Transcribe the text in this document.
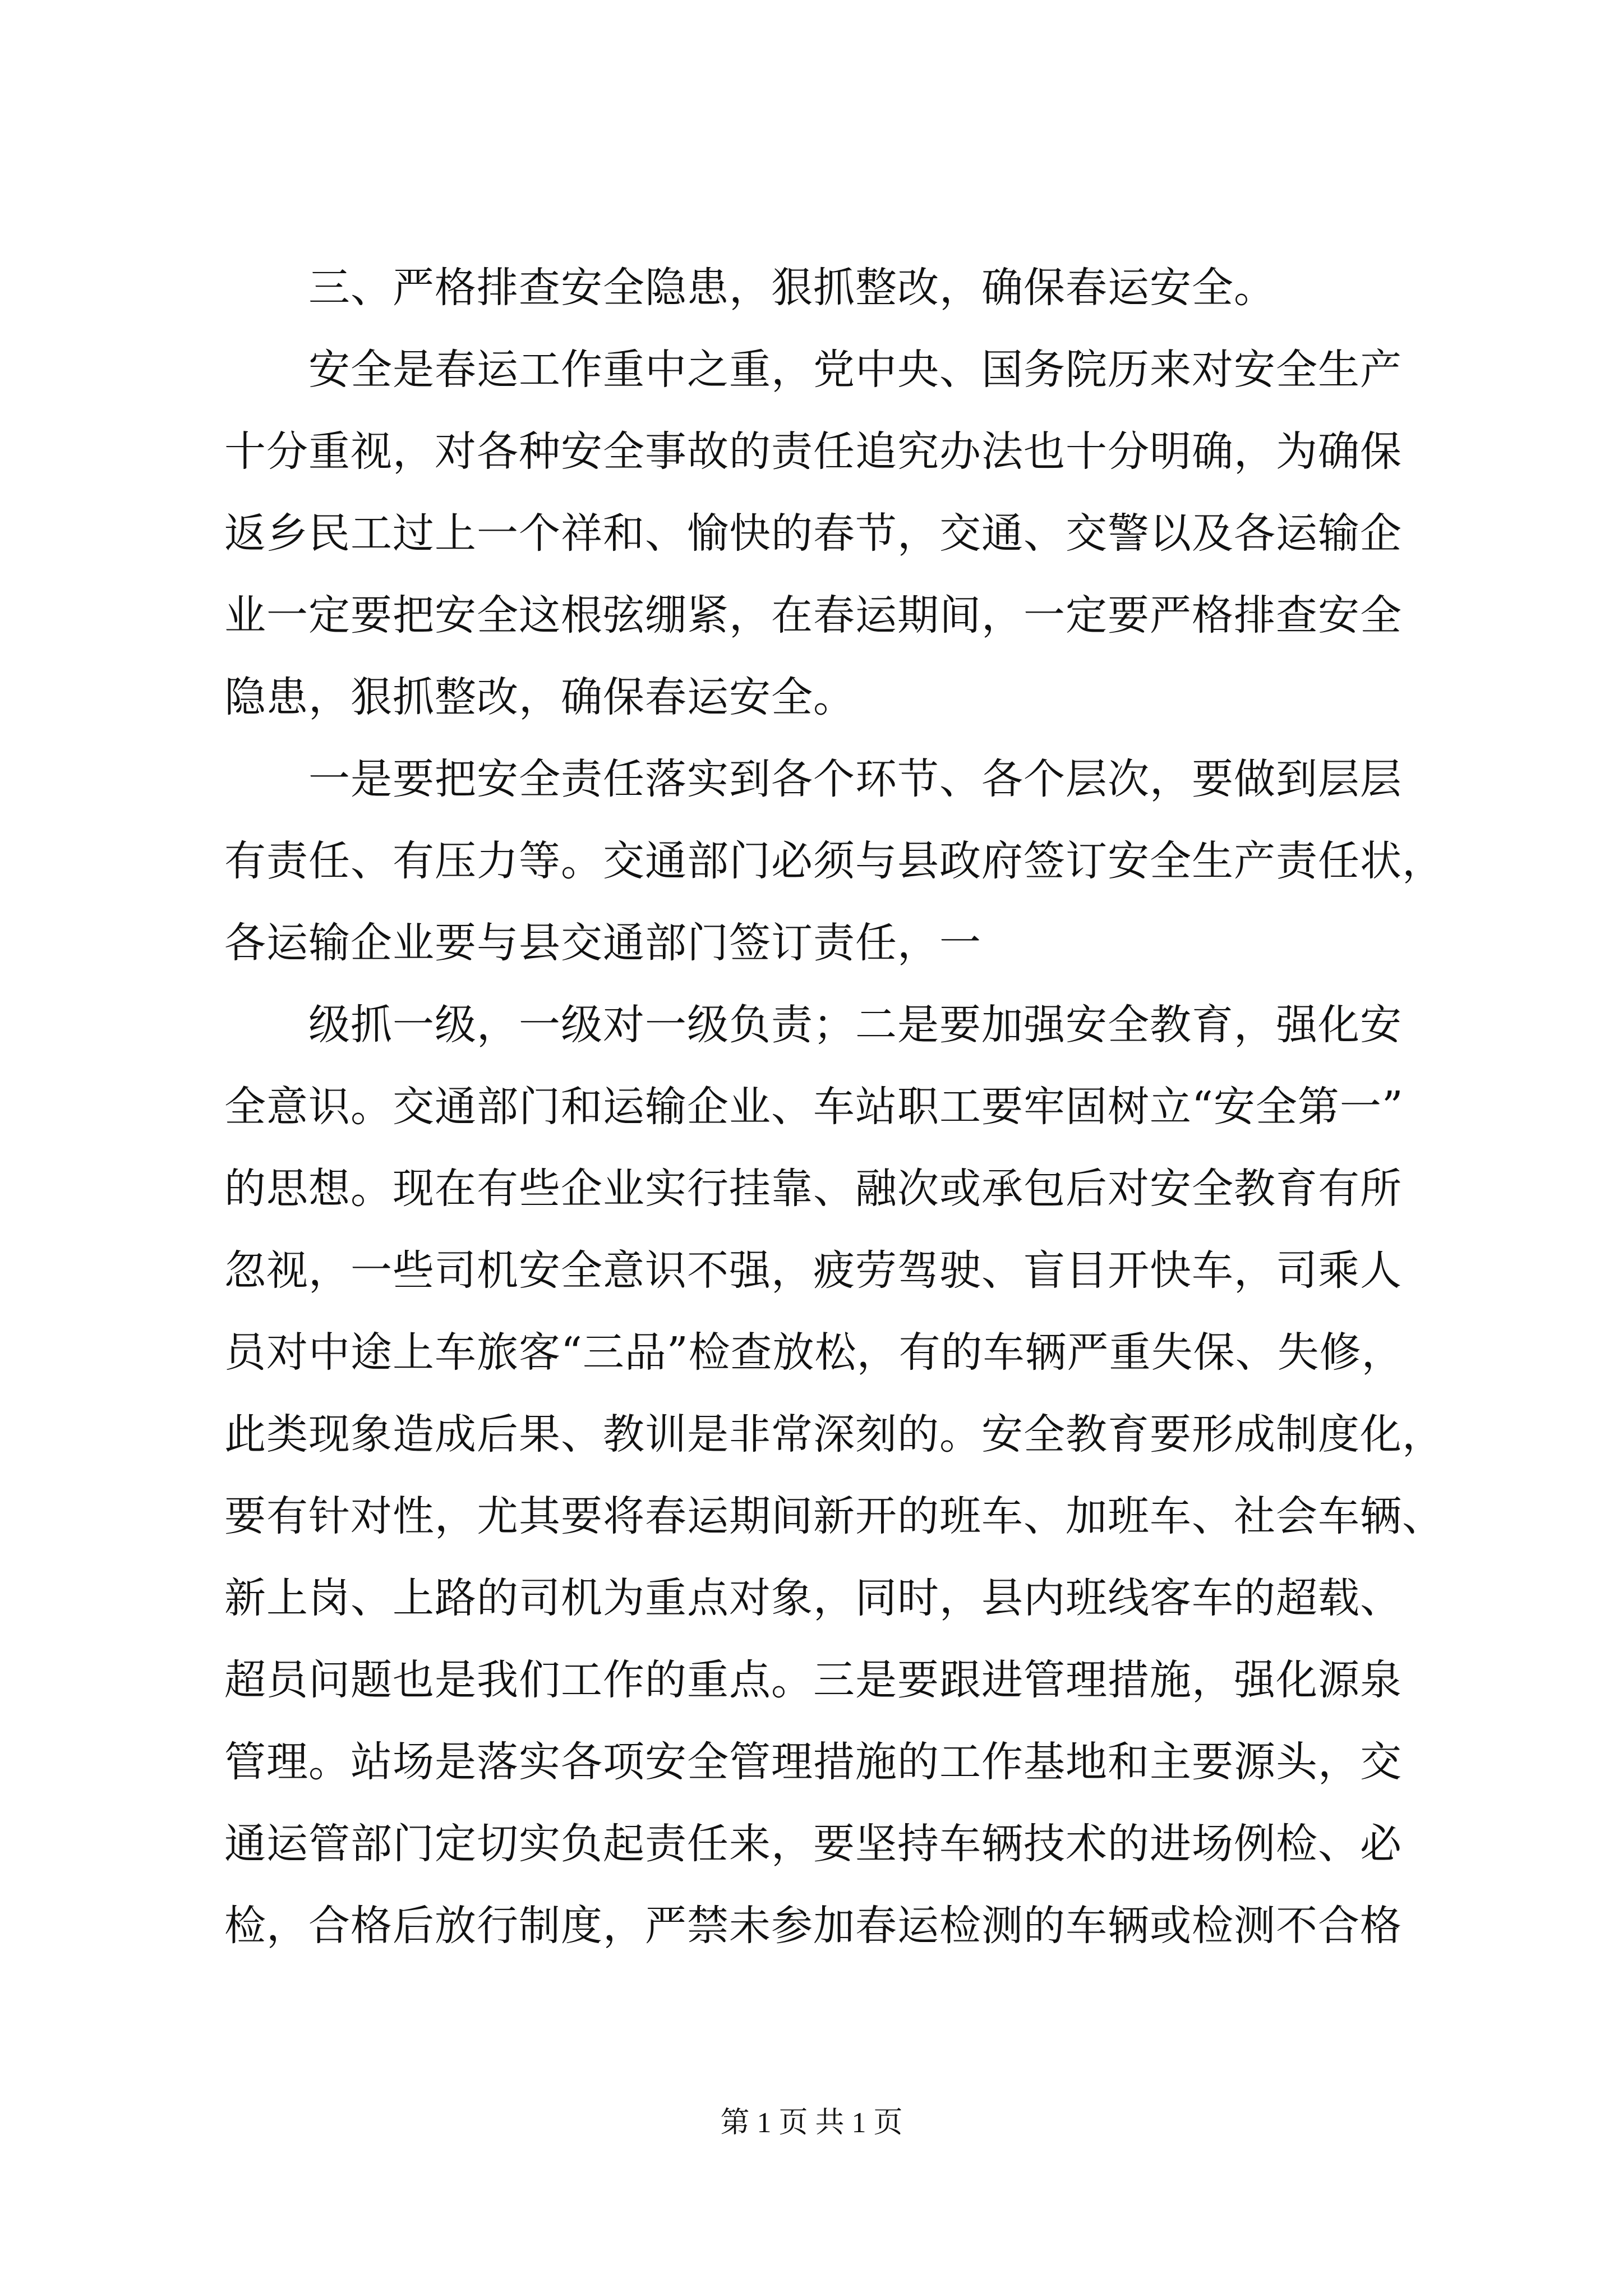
三、严格排查安全隐患，狠抓整改，确保春运安全。
安全是春运工作重中之重，党中央、国务院历来对安全生产
十分重视，对各种安全事故的责任追究办法也十分明确，为确保
返乡民工过上一个祥和、愉快的春节，交通、交警以及各运输企
业一定要把安全这根弦绷紧，在春运期间，一定要严格排查安全
隐患，狠抓整改，确保春运安全。
一是要把安全责任落实到各个环节、各个层次，要做到层层
有责任、有压力等。交通部门必须与县政府签订安全生产责任状，
各运输企业要与县交通部门签订责任，一
级抓一级，一级对一级负责；二是要加强安全教育，强化安
全意识。交通部门和运输企业、车站职工要牢固树立“安全第一”
的思想。现在有些企业实行挂靠、融次或承包后对安全教育有所
忽视，一些司机安全意识不强，疲劳驾驶、盲目开快车，司乘人
员对中途上车旅客“三品”检查放松，有的车辆严重失保、失修，
此类现象造成后果、教训是非常深刻的。安全教育要形成制度化，
要有针对性，尤其要将春运期间新开的班车、加班车、社会车辆、
新上岗、上路的司机为重点对象，同时，县内班线客车的超载、
超员问题也是我们工作的重点。三是要跟进管理措施，强化源泉
管理。站场是落实各项安全管理措施的工作基地和主要源头，交
通运管部门定切实负起责任来，要坚持车辆技术的进场例检、必
检，合格后放行制度，严禁未参加春运检测的车辆或检测不合格
第 1 页 共 1 页
